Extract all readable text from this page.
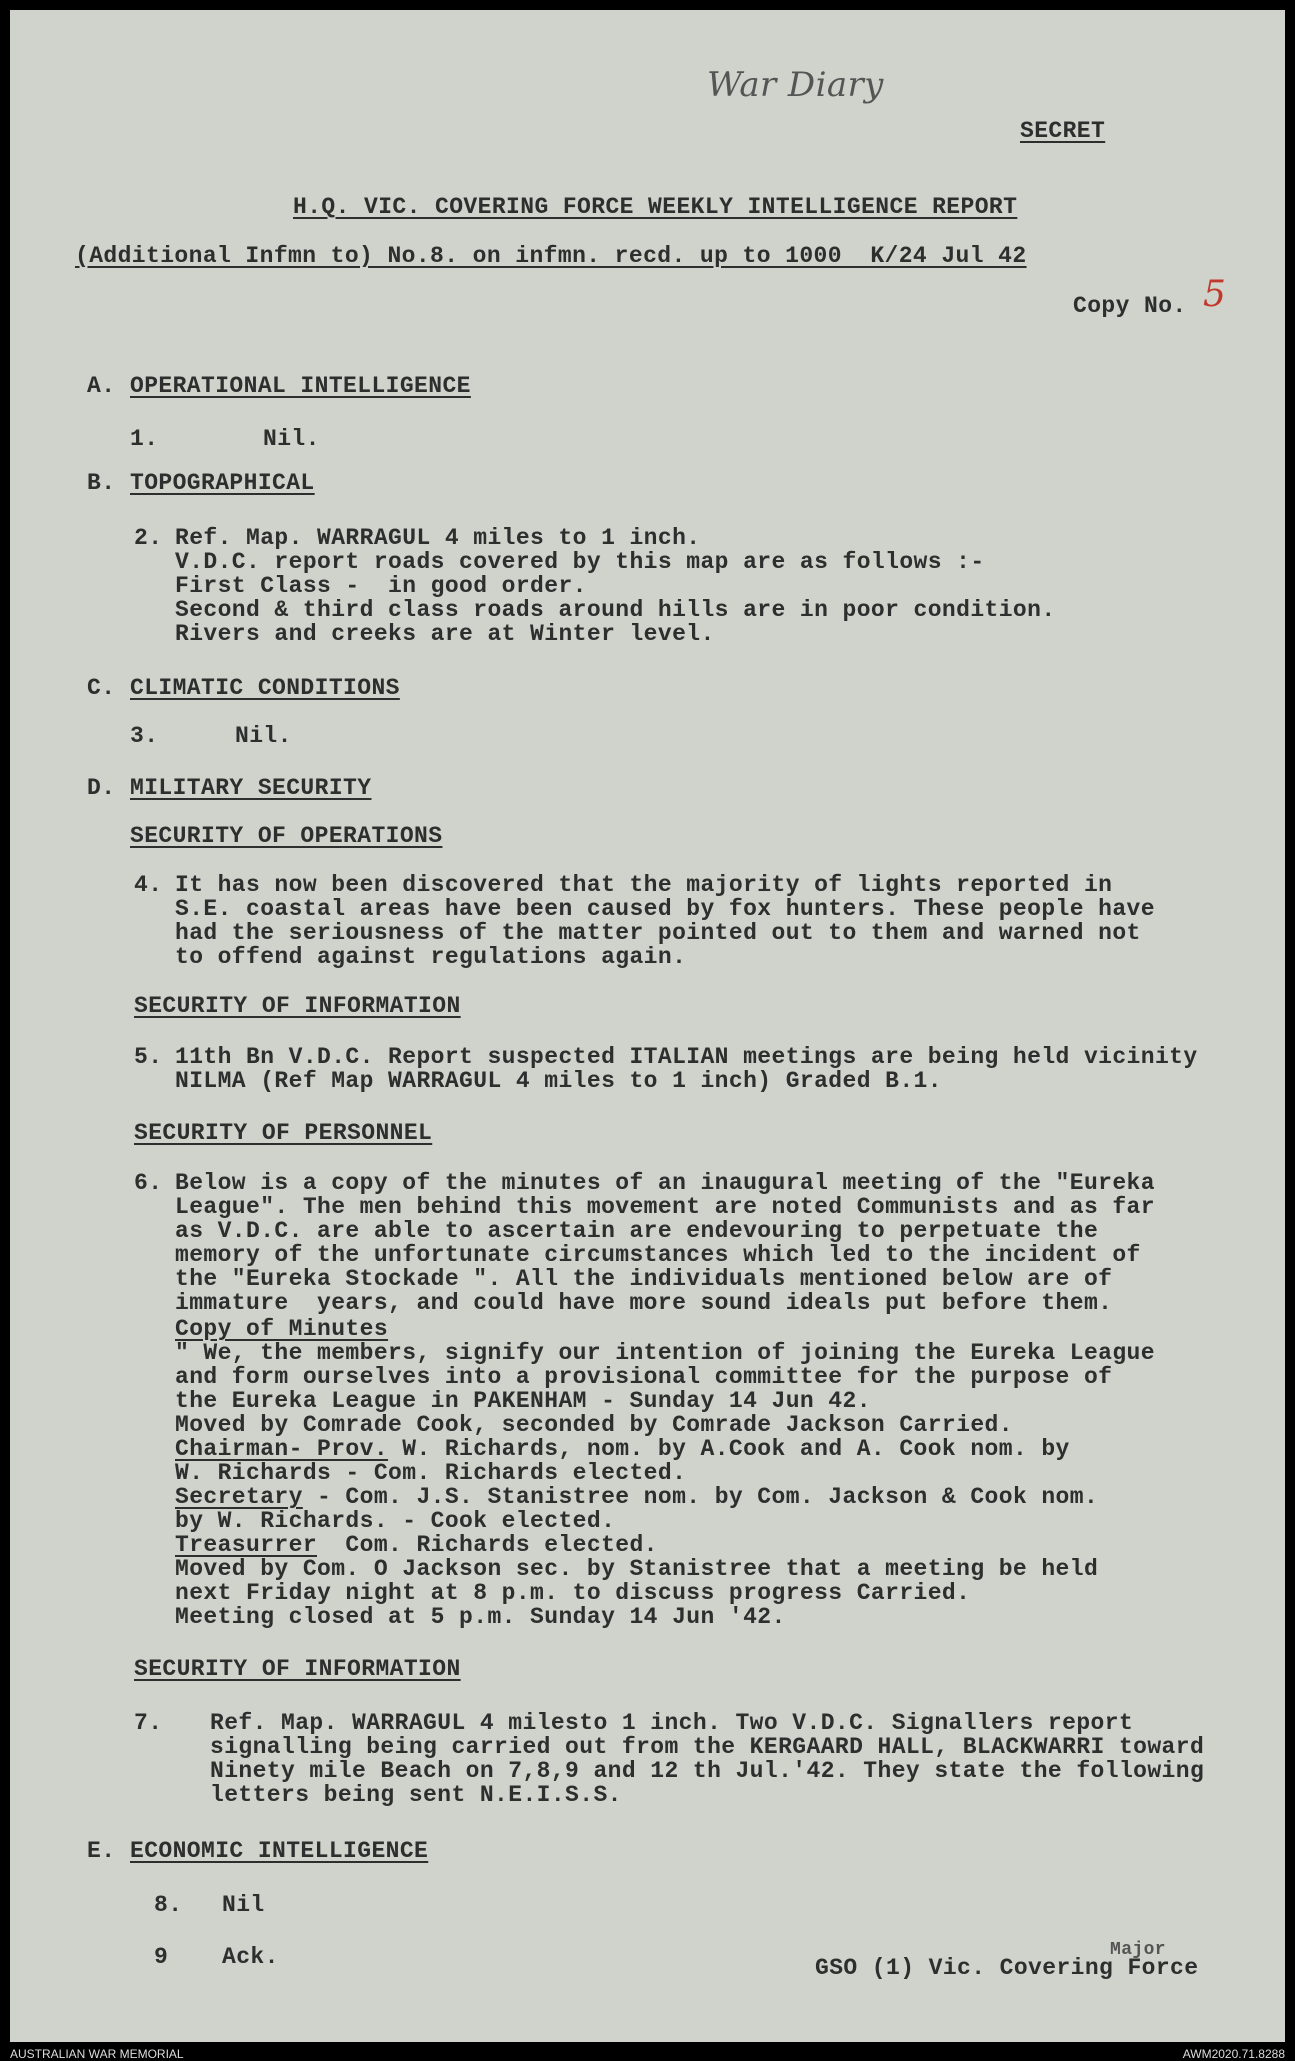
War Diary
SECRET
H.Q. VIC. COVERING FORCE WEEKLY INTELLIGENCE REPORT
(Additional Infmn to) No.8. on infmn. recd. up to 1000  K/24 Jul 42
Copy No. 5
A. OPERATIONAL INTELLIGENCE
1.	Nil.
B. TOPOGRAPHICAL
2. Ref. Map. WARRAGUL 4 miles to 1 inch.
V.D.C. report roads covered by this map are as follows :-
First Class -  in good order.
Second & third class roads around hills are in poor condition.
Rivers and creeks are at Winter level.
C. CLIMATIC CONDITIONS
3.	Nil.
D. MILITARY SECURITY
SECURITY OF OPERATIONS
4. It has now been discovered that the majority of lights reported in
S.E. coastal areas have been caused by fox hunters. These people have
had the seriousness of the matter pointed out to them and warned not
to offend against regulations again.
SECURITY OF INFORMATION
5. 11th Bn V.D.C. Report suspected ITALIAN meetings are being held vicinity
NILMA (Ref Map WARRAGUL 4 miles to 1 inch) Graded B.1.
SECURITY OF PERSONNEL
6. Below is a copy of the minutes of an inaugural meeting of the "Eureka
League". The men behind this movement are noted Communists and as far
as V.D.C. are able to ascertain are endevouring to perpetuate the
memory of the unfortunate circumstances which led to the incident of
the "Eureka Stockade ". All the individuals mentioned below are of
immature  years, and could have more sound ideals put before them.
Copy of Minutes
" We, the members, signify our intention of joining the Eureka League
and form ourselves into a provisional committee for the purpose of
the Eureka League in PAKENHAM - Sunday 14 Jun 42.
Moved by Comrade Cook, seconded by Comrade Jackson Carried.
Chairman- Prov. W. Richards, nom. by A.Cook and A. Cook nom. by
W. Richards - Com. Richards elected.
Secretary - Com. J.S. Stanistree nom. by Com. Jackson & Cook nom.
by W. Richards. - Cook elected.
Treasurrer  Com. Richards elected.
Moved by Com. O Jackson sec. by Stanistree that a meeting be held
next Friday night at 8 p.m. to discuss progress Carried.
Meeting closed at 5 p.m. Sunday 14 Jun '42.
SECURITY OF INFORMATION
7. Ref. Map. WARRAGUL 4 milesto 1 inch. Two V.D.C. Signallers report
signalling being carried out from the KERGAARD HALL, BLACKWARRI toward
Ninety mile Beach on 7,8,9 and 12 th Jul.'42. They state the following
letters being sent N.E.I.S.S.
E. ECONOMIC INTELLIGENCE
8. Nil
9 Ack.	Major
GSO (1) Vic. Covering Force
AUSTRALIAN WAR MEMORIAL	AWM2020.71.8288
